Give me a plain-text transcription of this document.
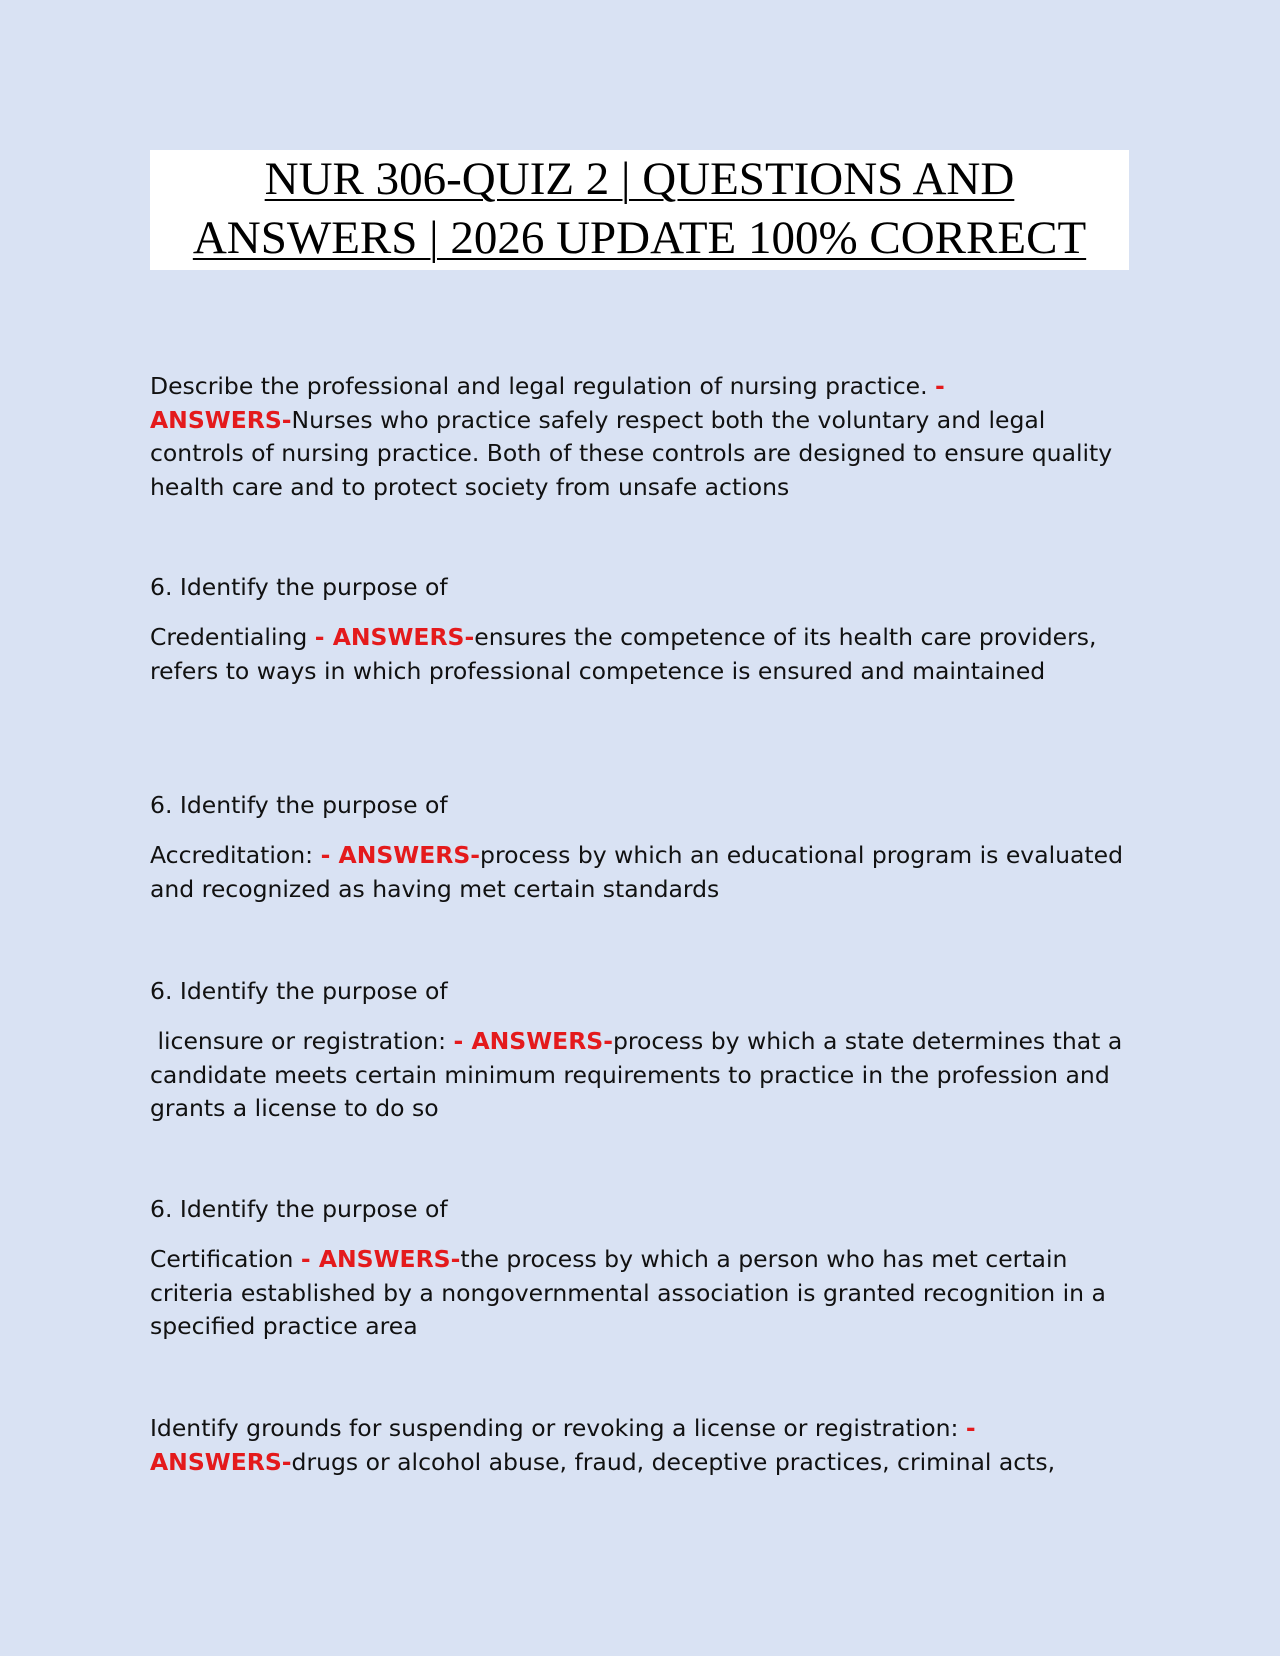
NUR 306-QUIZ 2 | QUESTIONS AND
ANSWERS | 2026 UPDATE 100% CORRECT
Describe the professional and legal regulation of nursing practice. -
ANSWERS-Nurses who practice safely respect both the voluntary and legal controls of nursing practice. Both of these controls are designed to ensure quality health care and to protect society from unsafe actions
6. Identify the purpose of
Credentialing - ANSWERS-ensures the competence of its health care providers, refers to ways in which professional competence is ensured and maintained
6. Identify the purpose of
Accreditation: - ANSWERS-process by which an educational program is evaluated and recognized as having met certain standards
6. Identify the purpose of
licensure or registration: - ANSWERS-process by which a state determines that a candidate meets certain minimum requirements to practice in the profession and grants a license to do so
6. Identify the purpose of
Certification - ANSWERS-the process by which a person who has met certain criteria established by a nongovernmental association is granted recognition in a specified practice area
Identify grounds for suspending or revoking a license or registration: -
ANSWERS-drugs or alcohol abuse, fraud, deceptive practices, criminal acts,
